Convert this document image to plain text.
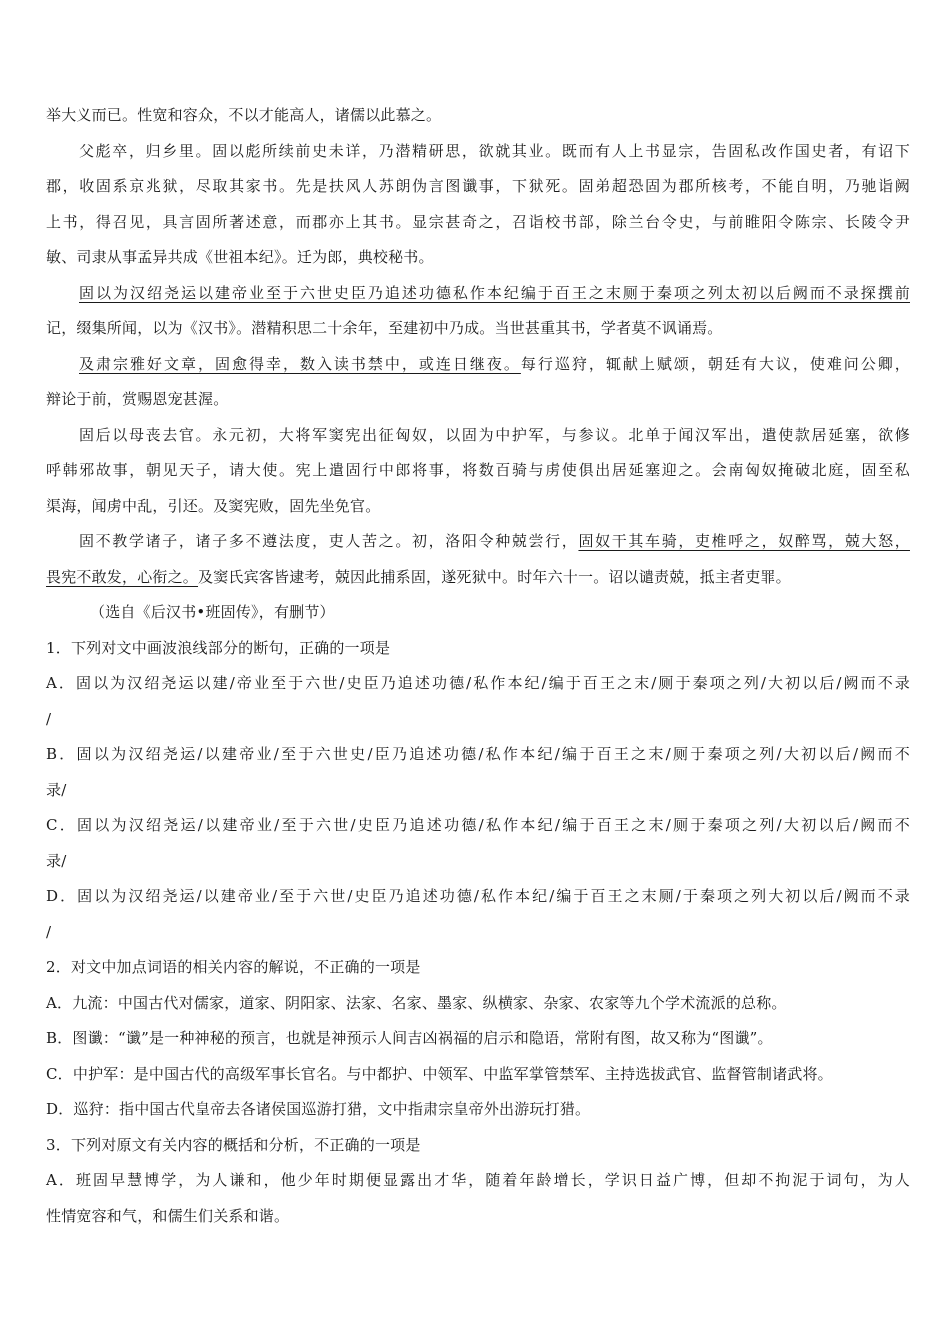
举大义而已。性宽和容众，不以才能高人，诸儒以此慕之。
父彪卒，归乡里。固以彪所续前史未详，乃潜精研思，欲就其业。既而有人上书显宗，告固私改作国史者，有诏下
郡，收固系京兆狱，尽取其家书。先是扶风人苏朗伪言图谶事，下狱死。固弟超恐固为郡所核考，不能自明，乃驰诣阙
上书，得召见，具言固所著述意，而郡亦上其书。显宗甚奇之，召诣校书部，除兰台令史，与前睢阳令陈宗、长陵令尹
敏、司隶从事孟异共成《世祖本纪》。迁为郎，典校秘书。
固以为汉绍尧运以建帝业至于六世史臣乃追述功德私作本纪编于百王之末厕于秦项之列太初以后阙而不录探撰前
记，缀集所闻，以为《汉书》。潜精积思二十余年，至建初中乃成。当世甚重其书，学者莫不讽诵焉。
及肃宗雅好文章，固愈得幸，数入读书禁中，或连日继夜。每行巡狩，辄献上赋颂，朝廷有大议，使难问公卿，
辩论于前，赏赐恩宠甚渥。
固后以母丧去官。永元初，大将军窦宪出征匈奴，以固为中护军，与参议。北单于闻汉军出，遣使款居延塞，欲修
呼韩邪故事，朝见天子，请大使。宪上遣固行中郎将事，将数百骑与虏使俱出居延塞迎之。会南匈奴掩破北庭，固至私
渠海，闻虏中乱，引还。及窦宪败，固先坐免官。
固不教学诸子，诸子多不遵法度，吏人苦之。初，洛阳令种兢尝行，固奴干其车骑，吏椎呼之，奴醉骂，兢大怒，
畏宪不敢发，心衔之。及窦氏宾客皆逮考，兢因此捕系固，遂死狱中。时年六十一。诏以谴责兢，抵主者吏罪。
（选自《后汉书•班固传》，有删节）
1．下列对文中画波浪线部分的断句，正确的一项是
A．固以为汉绍尧运以建/帝业至于六世/史臣乃追述功德/私作本纪/编于百王之末/厕于秦项之列/大初以后/阙而不录
/
B．固以为汉绍尧运/以建帝业/至于六世史/臣乃追述功德/私作本纪/编于百王之末/厕于秦项之列/大初以后/阙而不
录/
C．固以为汉绍尧运/以建帝业/至于六世/史臣乃追述功德/私作本纪/编于百王之末/厕于秦项之列/大初以后/阙而不
录/
D．固以为汉绍尧运/以建帝业/至于六世/史臣乃追述功德/私作本纪/编于百王之末厕/于秦项之列大初以后/阙而不录
/
2．对文中加点词语的相关内容的解说，不正确的一项是
A．九流：中国古代对儒家，道家、阴阳家、法家、名家、墨家、纵横家、杂家、农家等九个学术流派的总称。
B．图谶：“谶”是一种神秘的预言，也就是神预示人间吉凶祸福的启示和隐语，常附有图，故又称为“图谶”。
C．中护军：是中国古代的高级军事长官名。与中都护、中领军、中监军掌管禁军、主持选拔武官、监督管制诸武将。
D．巡狩：指中国古代皇帝去各诸侯国巡游打猎，文中指肃宗皇帝外出游玩打猎。
3．下列对原文有关内容的概括和分析，不正确的一项是
A．班固早慧博学，为人谦和，他少年时期便显露出才华，随着年龄增长，学识日益广博，但却不拘泥于词句，为人
性情宽容和气，和儒生们关系和谐。
